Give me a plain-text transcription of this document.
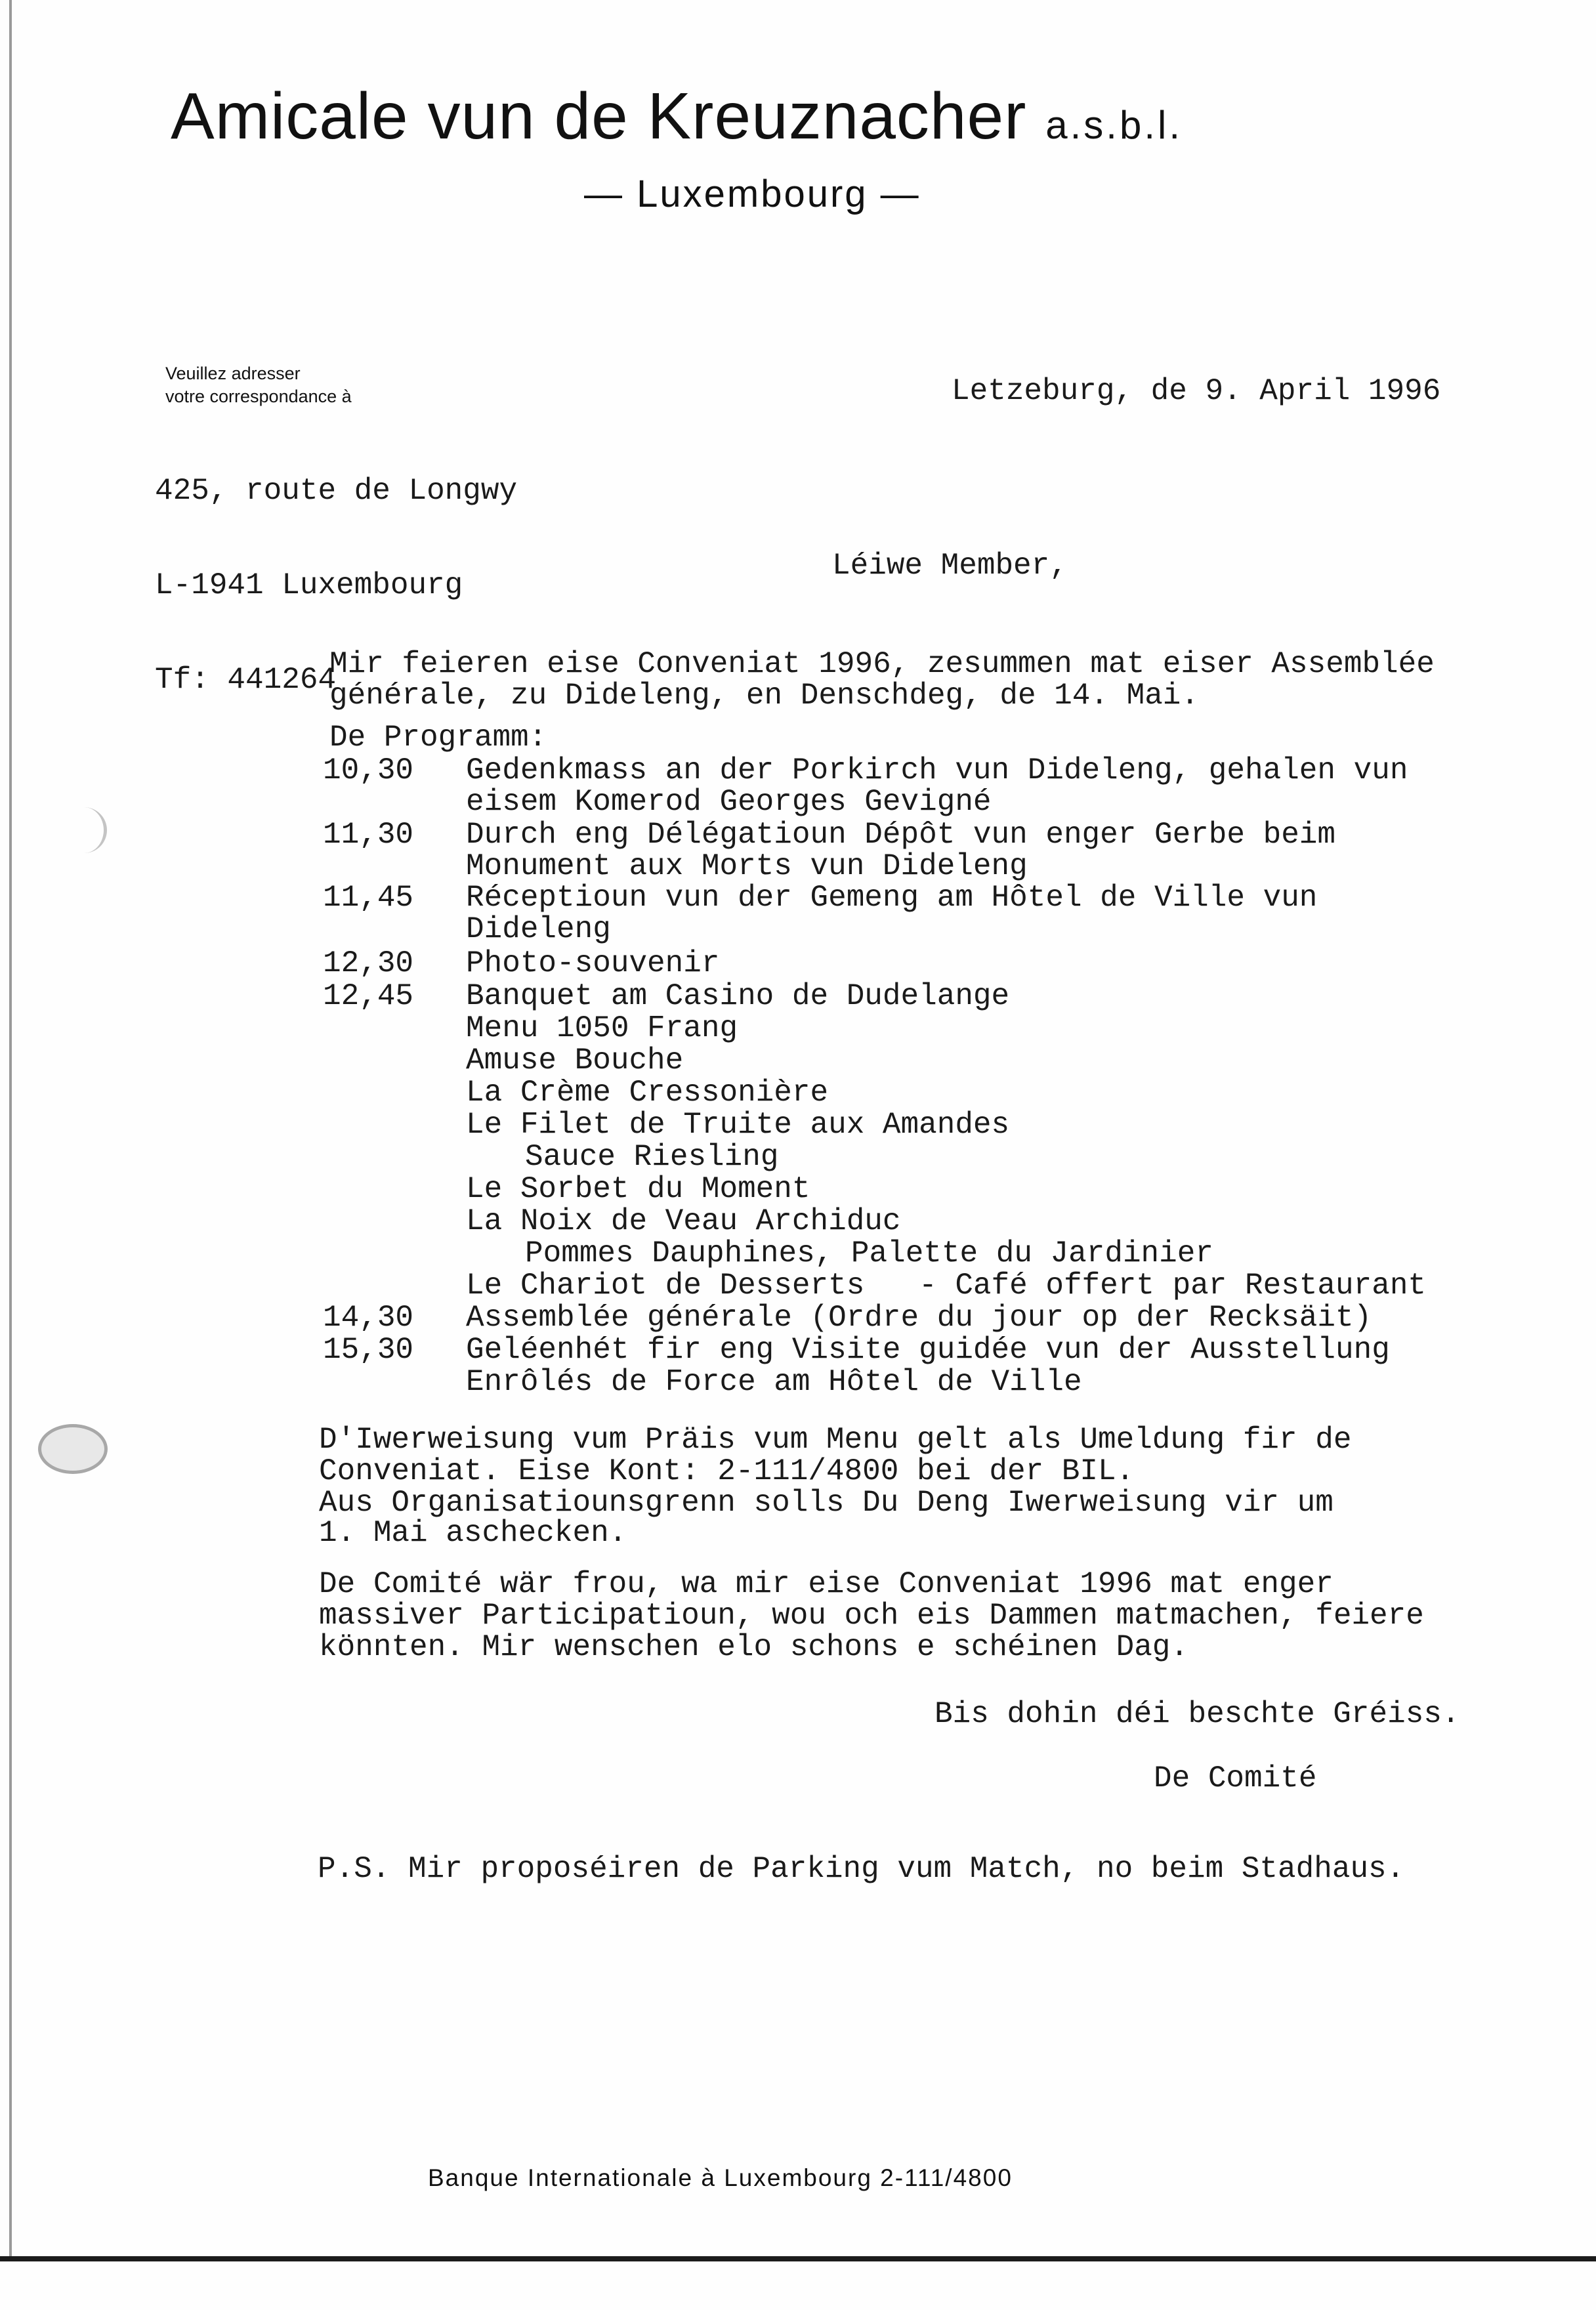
Amicale vun de Kreuznacher a.s.b.l.
— Luxembourg —
Veuillez adresser
votre correspondance à

425, route de Longwy

L-1941 Luxembourg

Tf: 441264

Letzeburg, de 9. April 1996
Léiwe Member,
Mir feieren eise Conveniat 1996, zesummen mat eiser Assemblée
générale, zu Dideleng, en Denschdeg, de 14. Mai.
De Programm:
10,30 Gedenkmass an der Porkirch vun Dideleng, gehalen vun
eisem Komerod Georges Gevigné
11,30 Durch eng Délégatioun Dépôt vun enger Gerbe beim
Monument aux Morts vun Dideleng
11,45 Réceptioun vun der Gemeng am Hôtel de Ville vun
Dideleng
12,30 Photo-souvenir
12,45 Banquet am Casino de Dudelange
Menu 1050 Frang
Amuse Bouche
La Crème Cressonière
Le Filet de Truite aux Amandes
Sauce Riesling
Le Sorbet du Moment
La Noix de Veau Archiduc
Pommes Dauphines, Palette du Jardinier
Le Chariot de Desserts   - Café offert par Restaurant
14,30 Assemblée générale (Ordre du jour op der Recksäit)
15,30 Geléenhét fir eng Visite guidée vun der Ausstellung
Enrôlés de Force am Hôtel de Ville
D'Iwerweisung vum Präis vum Menu gelt als Umeldung fir de
Conveniat. Eise Kont: 2-111/4800 bei der BIL.
Aus Organisatiounsgrenn solls Du Deng Iwerweisung vir um
1. Mai aschecken.
De Comité wär frou, wa mir eise Conveniat 1996 mat enger
massiver Participatioun, wou och eis Dammen matmachen, feiere
könnten. Mir wenschen elo schons e schéinen Dag.
Bis dohin déi beschte Gréiss.
De Comité
P.S. Mir proposéiren de Parking vum Match, no beim Stadhaus.
Banque Internationale à Luxembourg 2-111/4800
